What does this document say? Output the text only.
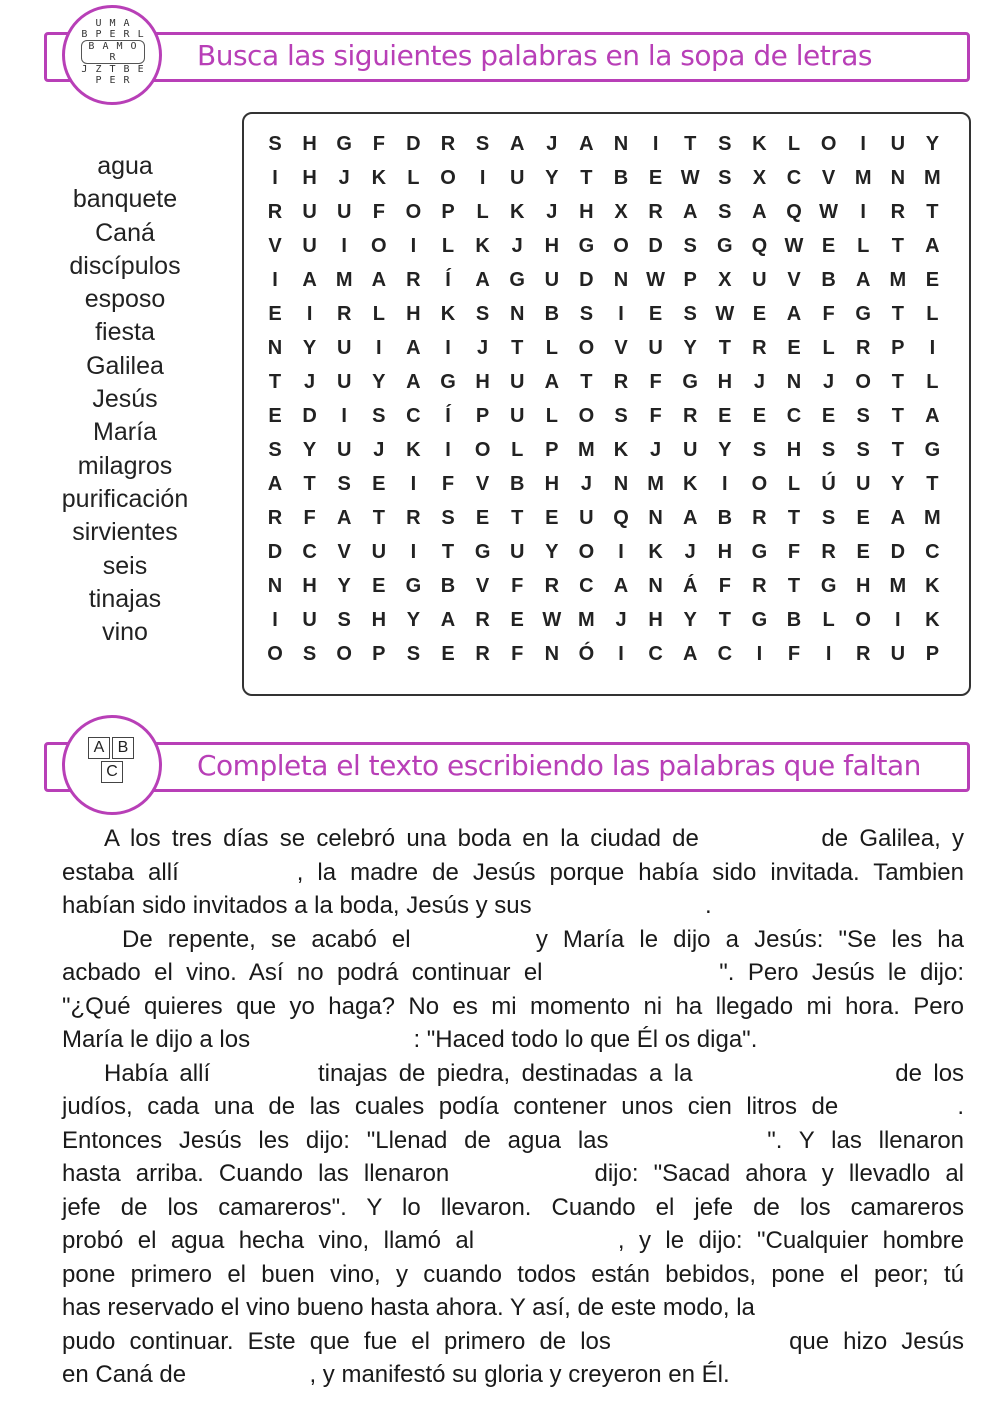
Busca las siguientes palabras en la sopa de letras
U M A
B P E R L
B A M O R
J Z T B E
P E R
agua
banquete
Caná
discípulos
esposo
fiesta
Galilea
Jesús
María
milagros
purificación
sirvientes
seis
tinajas
vino
S	H G	F	D	R	S	A	J	A	N	I	T	S	K	L	O	I	U	Y
I	H	J	K	L	O	I	U	Y	T	B	E W S	X	C	V M N M
R	U	U	F	O	P	L	K	J	H	X	R	A	S	A Q W	I	R	T
V	U	I	O	I	L	K	J	H G O D	S	G Q W E	L	T	A
I	A M A	R	Í	A G U	D	N W P	X	U	V	B	A M E
E	I	R	L	H	K	S	N	B	S	I	E	S W E	A	F	G	T	L
N	Y	U	I	A	I	J	T	L	O	V	U	Y	T	R	E	L	R	P	I
T	J	U	Y	A G H	U	A	T	R	F	G H	J	N	J	O	T	L
E	D	I	S	C	Í	P	U	L	O	S	F	R	E	E	C	E	S	T	A
S	Y	U	J	K	I	O	L	P M K	J	U	Y	S	H	S	S	T	G
A	T	S	E	I	F	V	B	H	J	N M K	I	O	L	Ú	U	Y	T
R	F	A	T	R	S	E	T	E	U Q N	A	B	R	T	S	E	A M
D	C	V	U	I	T	G U	Y	O	I	K	J	H G	F	R	E	D	C
N	H	Y	E	G B	V	F	R	C	A	N	Á	F	R	T	G H M K
I	U	S	H	Y	A	R	E W M	J	H	Y	T	G B	L	O	I	K
O	S	O	P	S	E	R	F	N Ó	I	C	A	C	I	F	I	R	U	P
Completa el texto escribiendo las palabras que faltan
A B
C
A los tres días se celebró una boda en la ciudad de	de Galilea, y
estaba allí	, la madre de Jesús porque había sido invitada. Tambien
habían sido invitados a la boda, Jesús y sus	.
De repente, se acabó el	y María le dijo a Jesús: "Se les ha
acbado el vino. Así no podrá continuar el	". Pero Jesús le dijo:
"¿Qué quieres que yo haga? No es mi momento ni ha llegado mi hora. Pero
María le dijo a los	: "Haced todo lo que Él os diga".
Había allí	tinajas de piedra, destinadas a la	de los
judíos, cada una de las cuales podía contener unos cien litros de	.
Entonces Jesús les dijo: "Llenad de agua las	". Y las llenaron
hasta arriba. Cuando las llenaron	dijo: "Sacad ahora y llevadlo al
jefe de los camareros". Y lo llevaron. Cuando el jefe de los camareros
probó el agua hecha vino, llamó al	, y le dijo: "Cualquier hombre
pone primero el buen vino, y cuando todos están bebidos, pone el peor; tú
has reservado el vino bueno hasta ahora. Y así, de este modo, la
pudo continuar. Este que fue el primero de los	que hizo Jesús
en Caná de	, y manifestó su gloria y creyeron en Él.
